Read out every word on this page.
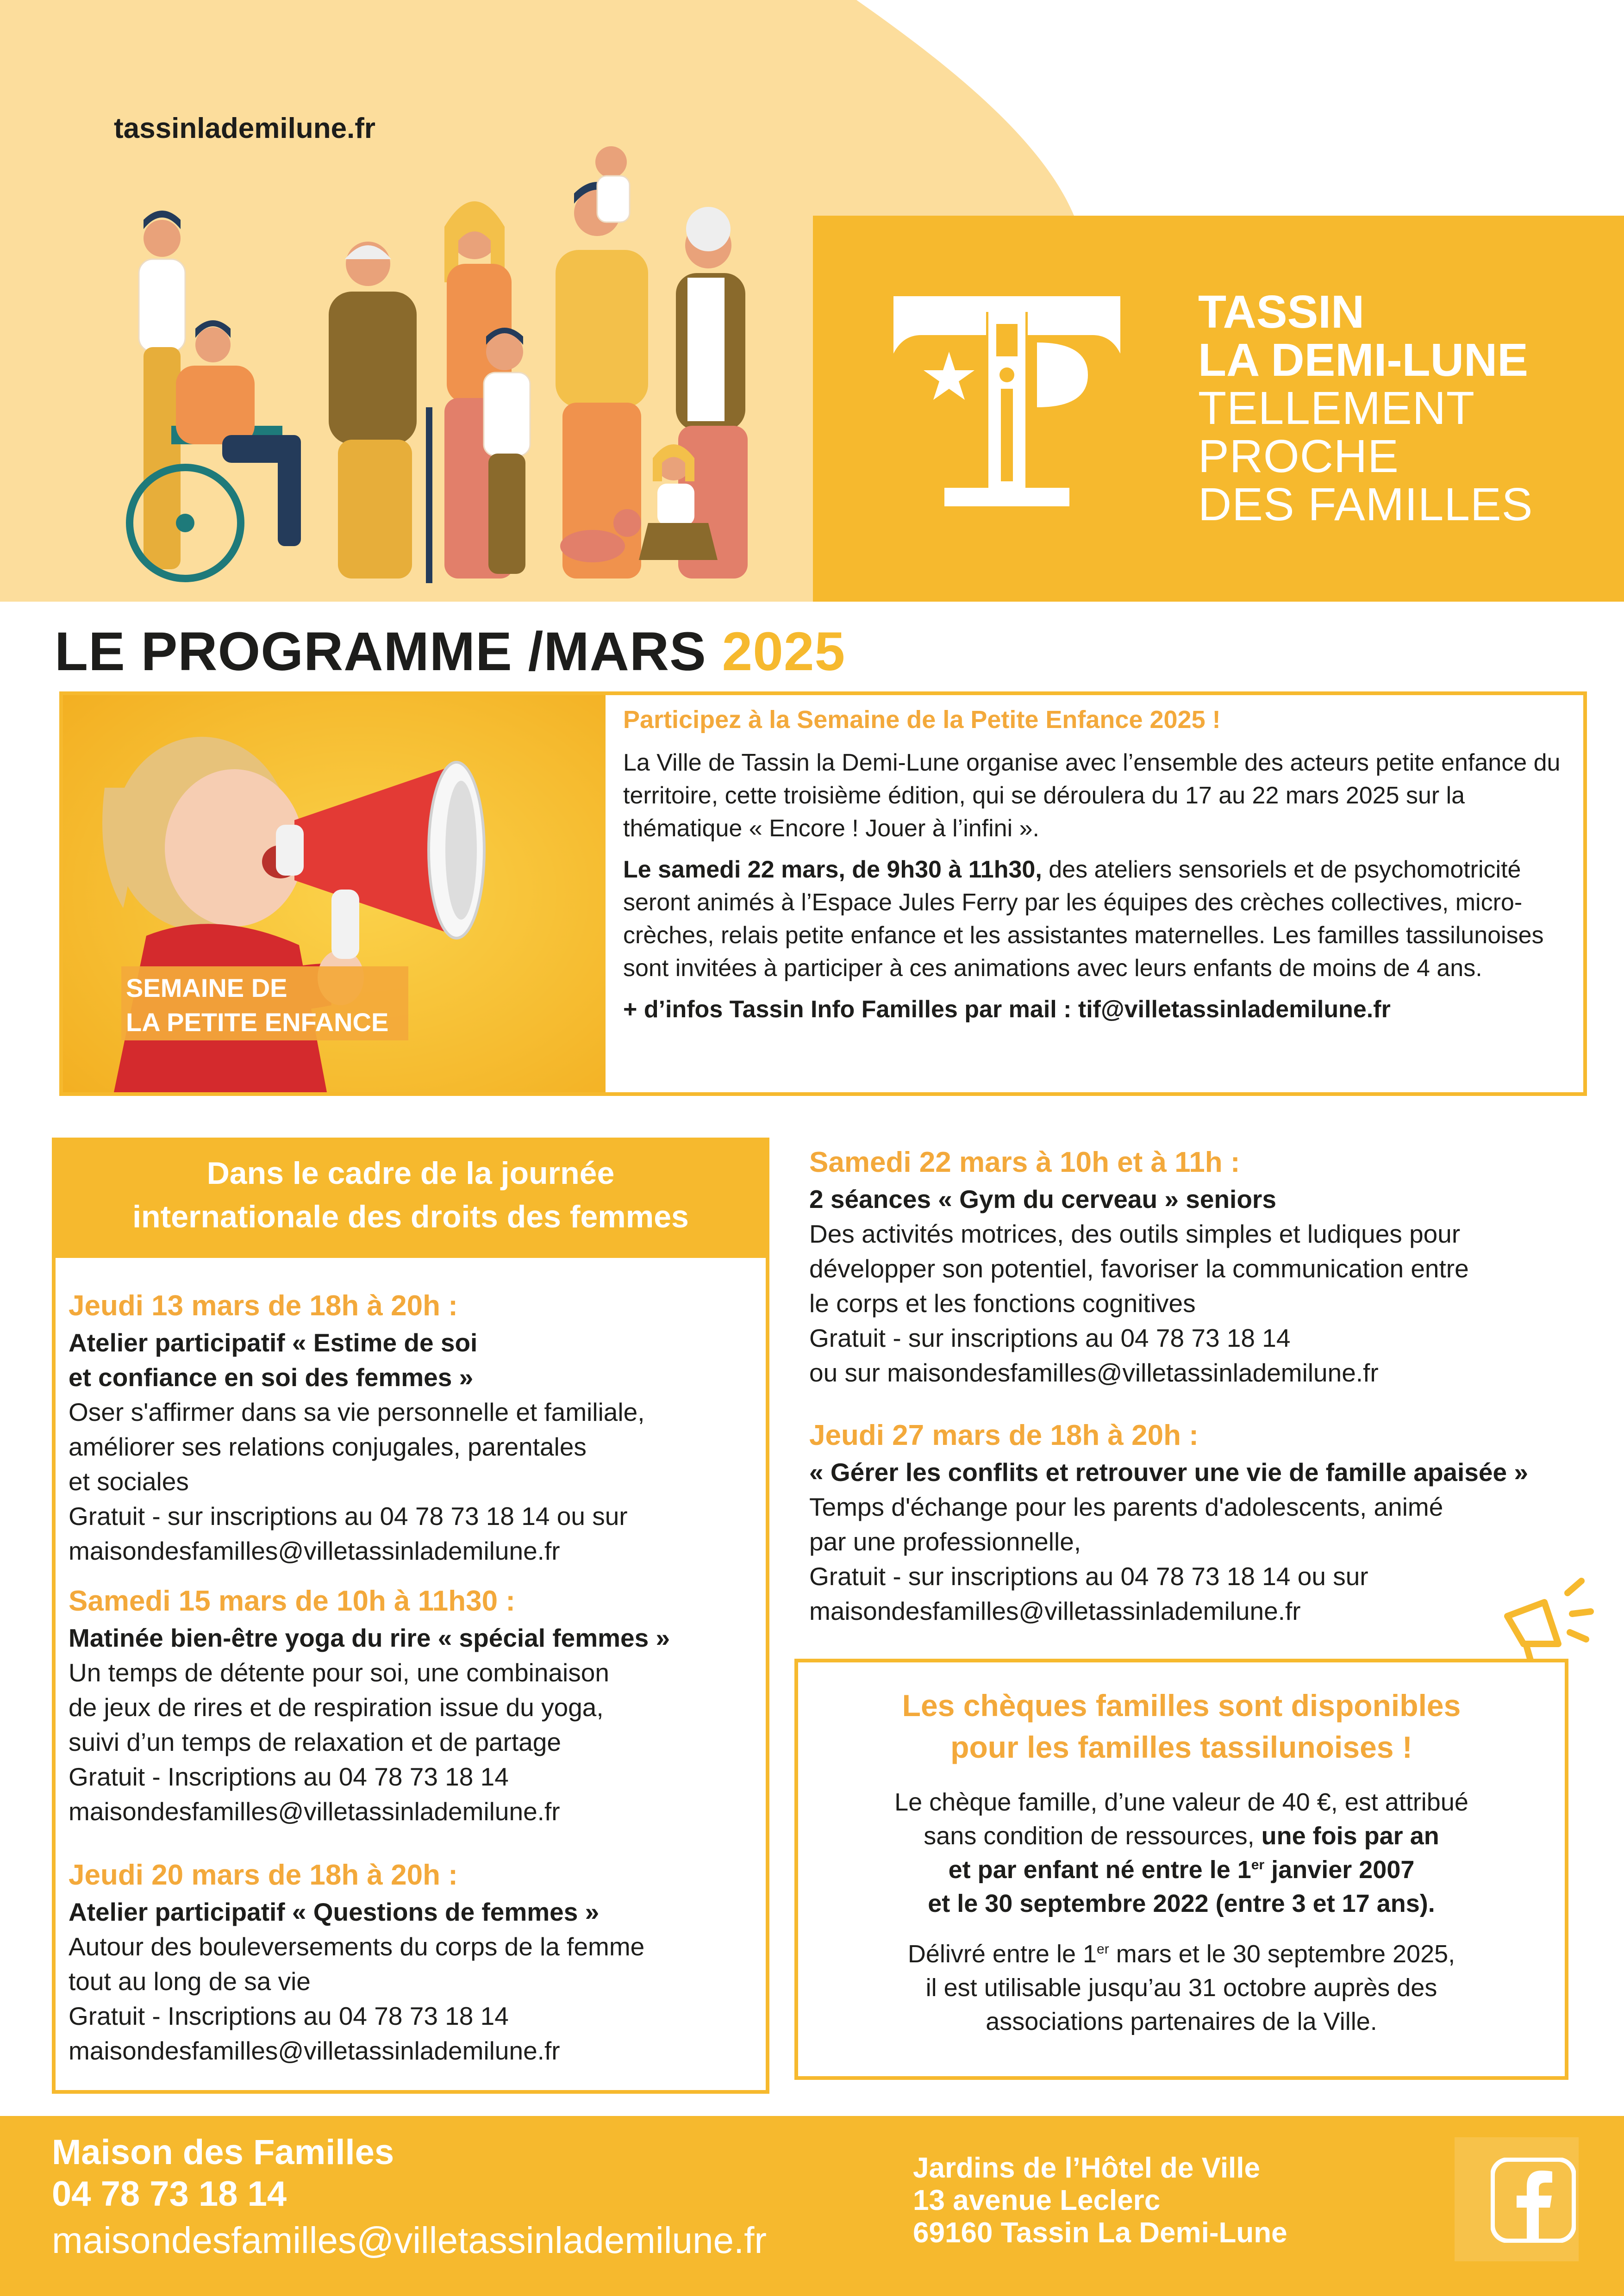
tassinlademilune.fr
TASSIN
LA DEMI-LUNE
TELLEMENT
PROCHE
DES FAMILLES
LE PROGRAMME /MARS 2025
SEMAINE DE
LA PETITE ENFANCE
Participez à la Semaine de la Petite Enfance 2025 !

La Ville de Tassin la Demi-Lune organise avec l’ensemble des acteurs petite enfance du territoire, cette troisième édition, qui se déroulera du 17 au 22 mars 2025 sur la thématique « Encore ! Jouer à l’infini ».

Le samedi 22 mars, de 9h30 à 11h30, des ateliers sensoriels et de psychomotricité seront animés à l’Espace Jules Ferry par les équipes des crèches collectives, micro-crèches, relais petite enfance et les assistantes maternelles. Les familles tassilunoises sont invitées à participer à ces animations avec leurs enfants de moins de 4 ans.

+ d’infos Tassin Info Familles par mail : tif@villetassinlademilune.fr

Dans le cadre de la journée
internationale des droits des femmes
Jeudi 13 mars de 18h à 20h :
Atelier participatif « Estime de soi
et confiance en soi des femmes »
Oser s'affirmer dans sa vie personnelle et familiale,
améliorer ses relations conjugales, parentales
et sociales
Gratuit - sur inscriptions au 04 78 73 18 14 ou sur
maisondesfamilles@villetassinlademilune.fr
Samedi 15 mars de 10h à 11h30 :
Matinée bien-être yoga du rire « spécial femmes »
Un temps de détente pour soi, une combinaison
de jeux de rires et de respiration issue du yoga,
suivi d’un temps de relaxation et de partage
Gratuit - Inscriptions au 04 78 73 18 14
maisondesfamilles@villetassinlademilune.fr
Jeudi 20 mars de 18h à 20h :
Atelier participatif « Questions de femmes »
Autour des bouleversements du corps de la femme
tout au long de sa vie
Gratuit - Inscriptions au 04 78 73 18 14
maisondesfamilles@villetassinlademilune.fr
Samedi 22 mars à 10h et à 11h :
2 séances « Gym du cerveau » seniors
Des activités motrices, des outils simples et ludiques pour
développer son potentiel, favoriser la communication entre
le corps et les fonctions cognitives
Gratuit - sur inscriptions au 04 78 73 18 14
ou sur maisondesfamilles@villetassinlademilune.fr
Jeudi 27 mars de 18h à 20h :
« Gérer les conflits et retrouver une vie de famille apaisée »
Temps d'échange pour les parents d'adolescents, animé
par une professionnelle,
Gratuit - sur inscriptions au 04 78 73 18 14 ou sur
maisondesfamilles@villetassinlademilune.fr
Les chèques familles sont disponibles
pour les familles tassilunoises !
Le chèque famille, d’une valeur de 40 €, est attribué
sans condition de ressources, une fois par an
et par enfant né entre le 1er janvier 2007
et le 30 septembre 2022 (entre 3 et 17 ans).
Délivré entre le 1er mars et le 30 septembre 2025,
il est utilisable jusqu’au 31 octobre auprès des
associations partenaires de la Ville.
Maison des Familles
04 78 73 18 14
maisondesfamilles@villetassinlademilune.fr
Jardins de l’Hôtel de Ville
13 avenue Leclerc
69160 Tassin La Demi-Lune
